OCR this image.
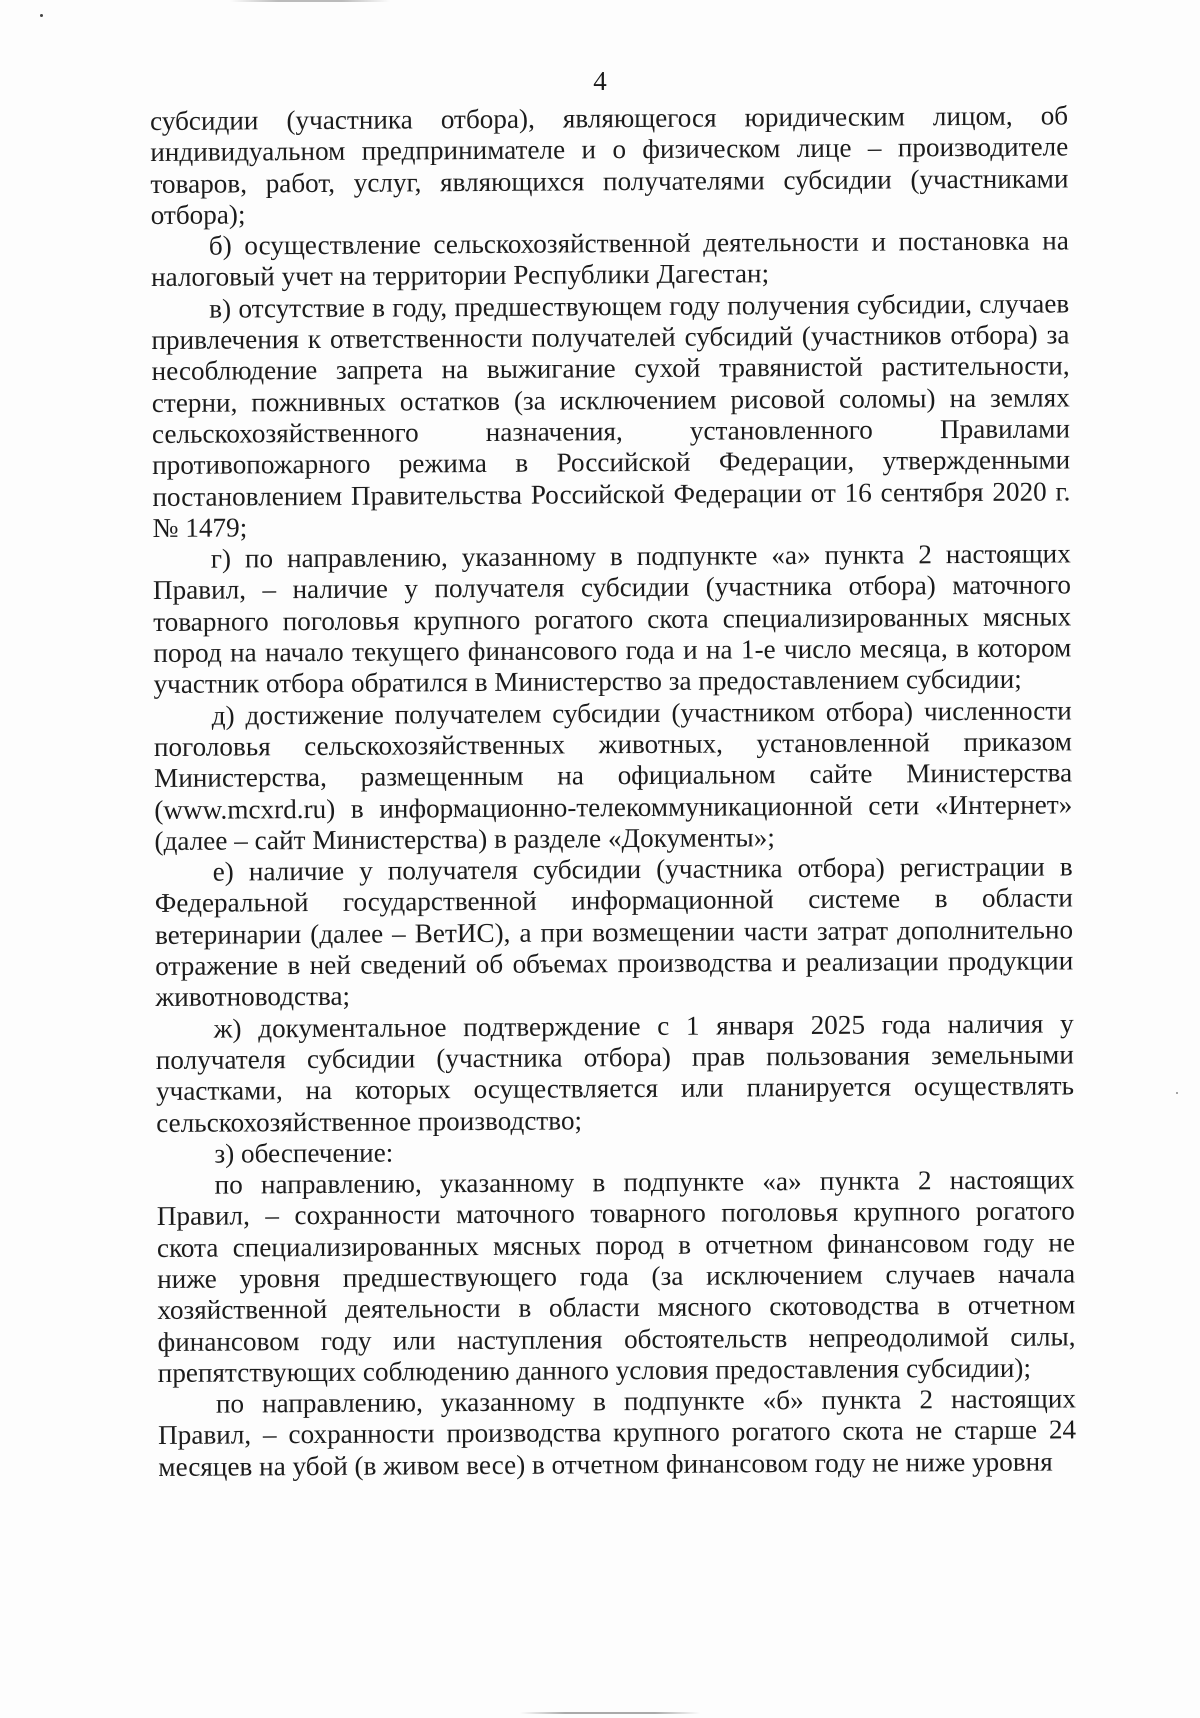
4

субсидии (участника отбора), являющегося юридическим лицом, об индивидуальном предпринимателе и о физическом лице – производителе товаров, работ, услуг, являющихся получателями субсидии (участниками отбора);

б) осуществление сельскохозяйственной деятельности и постановка на налоговый учет на территории Республики Дагестан;

в) отсутствие в году, предшествующем году получения субсидии, случаев привлечения к ответственности получателей субсидий (участников отбора) за несоблюдение запрета на выжигание сухой травянистой растительности, стерни, пожнивных остатков (за исключением рисовой соломы) на землях сельскохозяйственного назначения, установленного Правилами противопожарного режима в Российской Федерации, утвержденными постановлением Правительства Российской Федерации от 16 сентября 2020 г. № 1479;

г) по направлению, указанному в подпункте «а» пункта 2 настоящих Правил, – наличие у получателя субсидии (участника отбора) маточного товарного поголовья крупного рогатого скота специализированных мясных пород на начало текущего финансового года и на 1-е число месяца, в котором участник отбора обратился в Министерство за предоставлением субсидии;

д) достижение получателем субсидии (участником отбора) численности поголовья сельскохозяйственных животных, установленной приказом Министерства, размещенным на официальном сайте Министерства (www.mcxrd.ru) в информационно-телекоммуникационной сети «Интернет» (далее – сайт Министерства) в разделе «Документы»;

е) наличие у получателя субсидии (участника отбора) регистрации в Федеральной государственной информационной системе в области ветеринарии (далее – ВетИС), а при возмещении части затрат дополнительно отражение в ней сведений об объемах производства и реализации продукции животноводства;

ж) документальное подтверждение с 1 января 2025 года наличия у получателя субсидии (участника отбора) прав пользования земельными участками, на которых осуществляется или планируется осуществлять сельскохозяйственное производство;

з) обеспечение:

по направлению, указанному в подпункте «а» пункта 2 настоящих Правил, – сохранности маточного товарного поголовья крупного рогатого скота специализированных мясных пород в отчетном финансовом году не ниже уровня предшествующего года (за исключением случаев начала хозяйственной деятельности в области мясного скотоводства в отчетном финансовом году или наступления обстоятельств непреодолимой силы, препятствующих соблюдению данного условия предоставления субсидии);

по направлению, указанному в подпункте «б» пункта 2 настоящих Правил, – сохранности производства крупного рогатого скота не старше 24 месяцев на убой (в живом весе) в отчетном финансовом году не ниже уровня
